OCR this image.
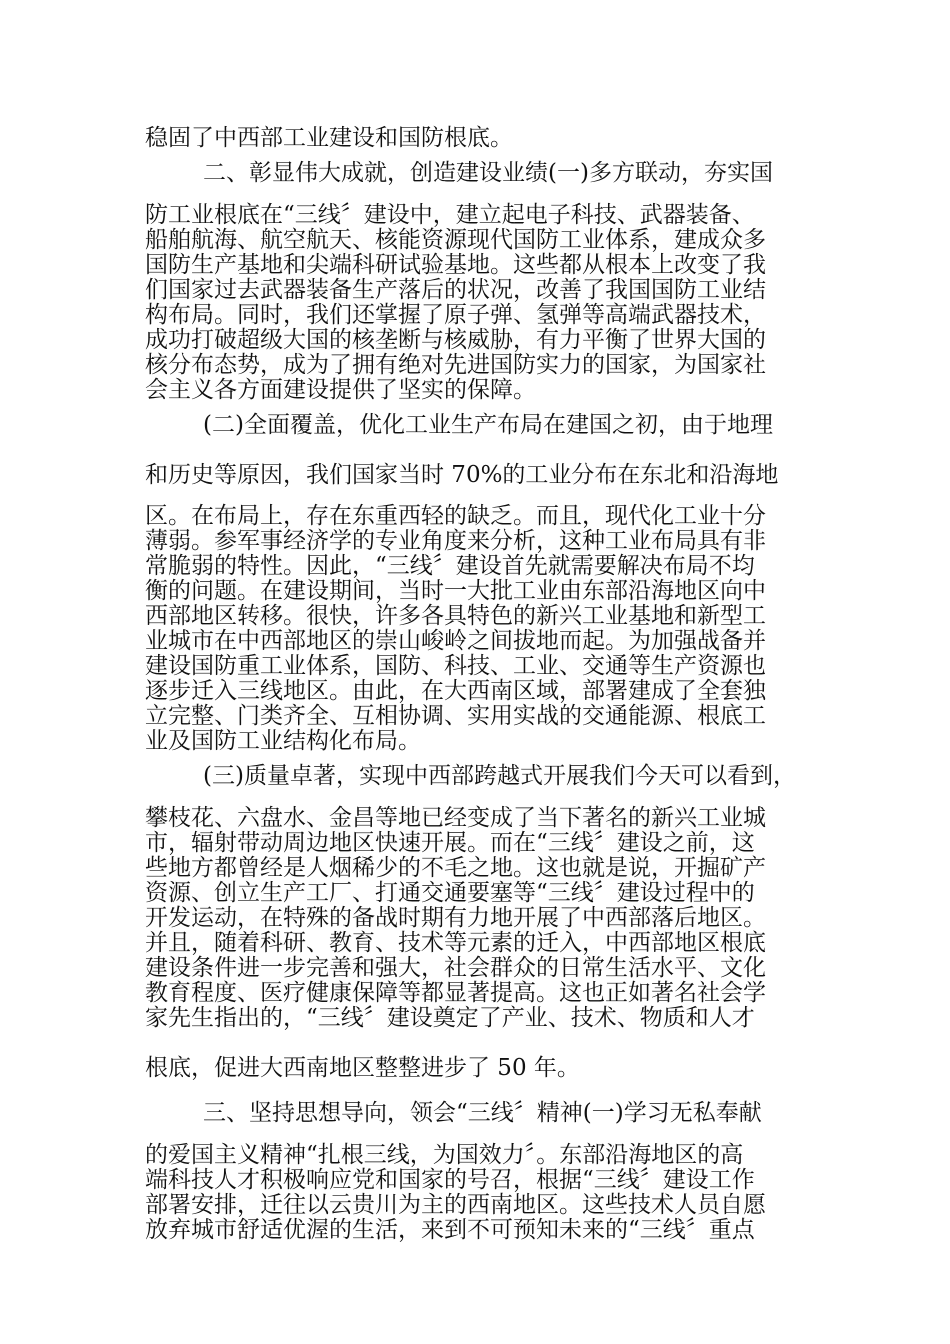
稳固了中西部工业建设和国防根底。
二、彰显伟大成就，创造建设业绩(一)多方联动，夯实国
防工业根底在“三线〞建设中，建立起电子科技、武器装备、
船舶航海、航空航天、核能资源现代国防工业体系，建成众多
国防生产基地和尖端科研试验基地。这些都从根本上改变了我
们国家过去武器装备生产落后的状况，改善了我国国防工业结
构布局。同时，我们还掌握了原子弹、氢弹等高端武器技术，
成功打破超级大国的核垄断与核威胁，有力平衡了世界大国的
核分布态势，成为了拥有绝对先进国防实力的国家，为国家社
会主义各方面建设提供了坚实的保障。
(二)全面覆盖，优化工业生产布局在建国之初，由于地理
和历史等原因，我们国家当时 70%的工业分布在东北和沿海地
区。在布局上，存在东重西轻的缺乏。而且，现代化工业十分
薄弱。参军事经济学的专业角度来分析，这种工业布局具有非
常脆弱的特性。因此，“三线〞建设首先就需要解决布局不均
衡的问题。在建设期间，当时一大批工业由东部沿海地区向中
西部地区转移。很快，许多各具特色的新兴工业基地和新型工
业城市在中西部地区的崇山峻岭之间拔地而起。为加强战备并
建设国防重工业体系，国防、科技、工业、交通等生产资源也
逐步迁入三线地区。由此，在大西南区域，部署建成了全套独
立完整、门类齐全、互相协调、实用实战的交通能源、根底工
业及国防工业结构化布局。
(三)质量卓著，实现中西部跨越式开展我们今天可以看到，
攀枝花、六盘水、金昌等地已经变成了当下著名的新兴工业城
市，辐射带动周边地区快速开展。而在“三线〞建设之前，这
些地方都曾经是人烟稀少的不毛之地。这也就是说，开掘矿产
资源、创立生产工厂、打通交通要塞等“三线〞建设过程中的
开发运动，在特殊的备战时期有力地开展了中西部落后地区。
并且，随着科研、教育、技术等元素的迁入，中西部地区根底
建设条件进一步完善和强大，社会群众的日常生活水平、文化
教育程度、医疗健康保障等都显著提高。这也正如著名社会学
家先生指出的，“三线〞建设奠定了产业、技术、物质和人才
根底，促进大西南地区整整进步了 50 年。
三、坚持思想导向，领会“三线〞精神(一)学习无私奉献
的爱国主义精神“扎根三线，为国效力〞。东部沿海地区的高
端科技人才积极响应党和国家的号召，根据“三线〞建设工作
部署安排，迁往以云贵川为主的西南地区。这些技术人员自愿
放弃城市舒适优渥的生活，来到不可预知未来的“三线〞重点
